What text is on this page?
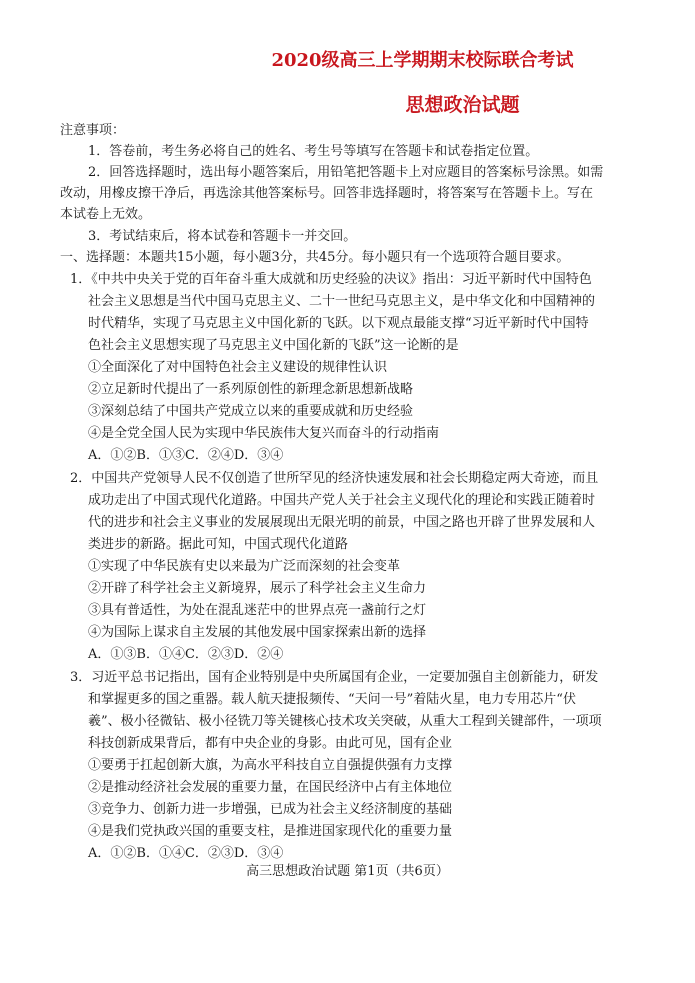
2020级高三上学期期末校际联合考试
思想政治试题
注意事项：
1．答卷前，考生务必将自己的姓名、考生号等填写在答题卡和试卷指定位置。
2．回答选择题时，选出每小题答案后，用铅笔把答题卡上对应题目的答案标号涂黑。如需
改动，用橡皮擦干净后，再选涂其他答案标号。回答非选择题时，将答案写在答题卡上。写在
本试卷上无效。
3．考试结束后，将本试卷和答题卡一并交回。
一、选择题：本题共15小题，每小题3分，共45分。每小题只有一个选项符合题目要求。
1．《中共中央关于党的百年奋斗重大成就和历史经验的决议》指出：习近平新时代中国特色
社会主义思想是当代中国马克思主义、二十一世纪马克思主义，是中华文化和中国精神的
时代精华，实现了马克思主义中国化新的飞跃。以下观点最能支撑“习近平新时代中国特
色社会主义思想实现了马克思主义中国化新的飞跃”这一论断的是
①全面深化了对中国特色社会主义建设的规律性认识
②立足新时代提出了一系列原创性的新理念新思想新战略
③深刻总结了中国共产党成立以来的重要成就和历史经验
④是全党全国人民为实现中华民族伟大复兴而奋斗的行动指南
A．①②B．①③C．②④D．③④
2．中国共产党领导人民不仅创造了世所罕见的经济快速发展和社会长期稳定两大奇迹，而且
成功走出了中国式现代化道路。中国共产党人关于社会主义现代化的理论和实践正随着时
代的进步和社会主义事业的发展展现出无限光明的前景，中国之路也开辟了世界发展和人
类进步的新路。据此可知，中国式现代化道路
①实现了中华民族有史以来最为广泛而深刻的社会变革
②开辟了科学社会主义新境界，展示了科学社会主义生命力
③具有普适性，为处在混乱迷茫中的世界点亮一盏前行之灯
④为国际上谋求自主发展的其他发展中国家探索出新的选择
A．①③B．①④C．②③D．②④
3．习近平总书记指出，国有企业特别是中央所属国有企业，一定要加强自主创新能力，研发
和掌握更多的国之重器。载人航天捷报频传、“天问一号”着陆火星，电力专用芯片“伏
羲”、极小径微钻、极小径铣刀等关键核心技术攻关突破，从重大工程到关键部件，一项项
科技创新成果背后，都有中央企业的身影。由此可见，国有企业
①要勇于扛起创新大旗，为高水平科技自立自强提供强有力支撑
②是推动经济社会发展的重要力量，在国民经济中占有主体地位
③竞争力、创新力进一步增强，已成为社会主义经济制度的基础
④是我们党执政兴国的重要支柱，是推进国家现代化的重要力量
A．①②B．①④C．②③D．③④
高三思想政治试题 第1页（共6页）
